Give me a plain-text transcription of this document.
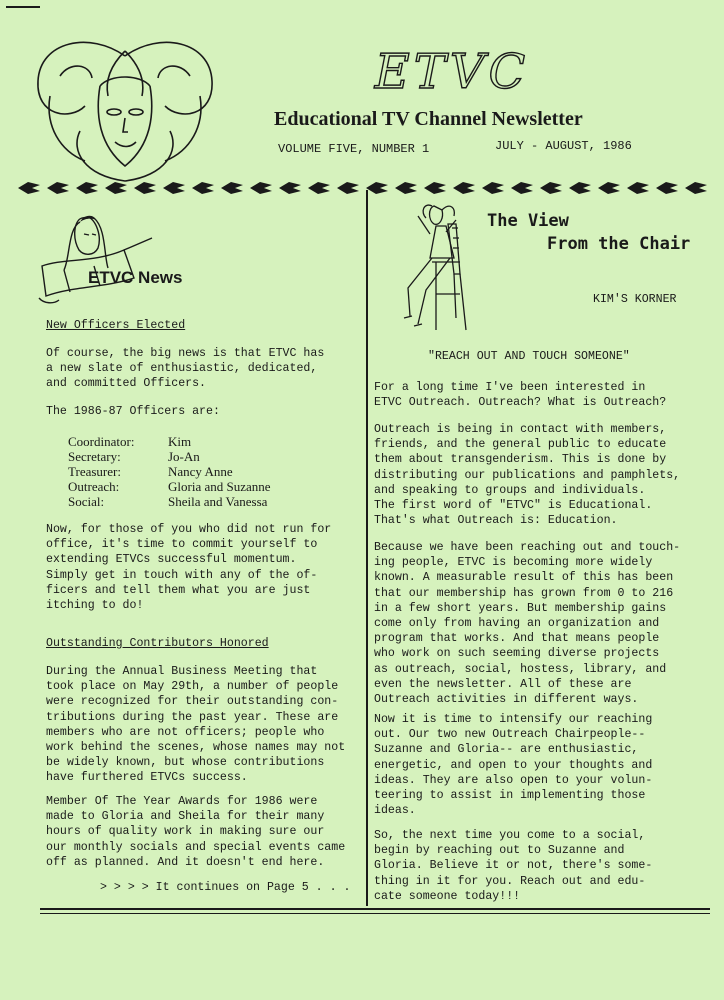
ETVC
Educational TV Channel Newsletter
VOLUME FIVE, NUMBER 1	JULY - AUGUST, 1986
ETVC News
New Officers Elected

Of course, the big news is that ETVC has
a new slate of enthusiastic, dedicated,
and committed Officers.

The 1986-87 Officers are:

Coordinator:	Kim
Secretary:	Jo-An
Treasurer:	Nancy Anne
Outreach:	Gloria and Suzanne
Social:	Sheila and Vanessa

Now, for those of you who did not run for
office, it's time to commit yourself to
extending ETVCs successful momentum.
Simply get in touch with any of the of-
ficers and tell them what you are just
itching to do!

Outstanding Contributors Honored

During the Annual Business Meeting that
took place on May 29th, a number of people
were recognized for their outstanding con-
tributions during the past year. These are
members who are not officers; people who
work behind the scenes, whose names may not
be widely known, but whose contributions
have furthered ETVCs success.

Member Of The Year Awards for 1986 were
made to Gloria and Sheila for their many
hours of quality work in making sure our
our monthly socials and special events came
off as planned. And it doesn't end here.

> > > > It continues on Page 5 . . .

The View
From the Chair
KIM'S KORNER
"REACH OUT AND TOUCH SOMEONE"

For a long time I've been interested in
ETVC Outreach. Outreach? What is Outreach?

Outreach is being in contact with members,
friends, and the general public to educate
them about transgenderism. This is done by
distributing our publications and pamphlets,
and speaking to groups and individuals.
The first word of "ETVC" is Educational.
That's what Outreach is: Education.

Because we have been reaching out and touch-
ing people, ETVC is becoming more widely
known. A measurable result of this has been
that our membership has grown from 0 to 216
in a few short years. But membership gains
come only from having an organization and
program that works. And that means people
who work on such seeming diverse projects
as outreach, social, hostess, library, and
even the newsletter. All of these are
Outreach activities in different ways.

Now it is time to intensify our reaching
out. Our two new Outreach Chairpeople--
Suzanne and Gloria-- are enthusiastic,
energetic, and open to your thoughts and
ideas. They are also open to your volun-
teering to assist in implementing those
ideas.

So, the next time you come to a social,
begin by reaching out to Suzanne and
Gloria. Believe it or not, there's some-
thing in it for you. Reach out and edu-
cate someone today!!!
